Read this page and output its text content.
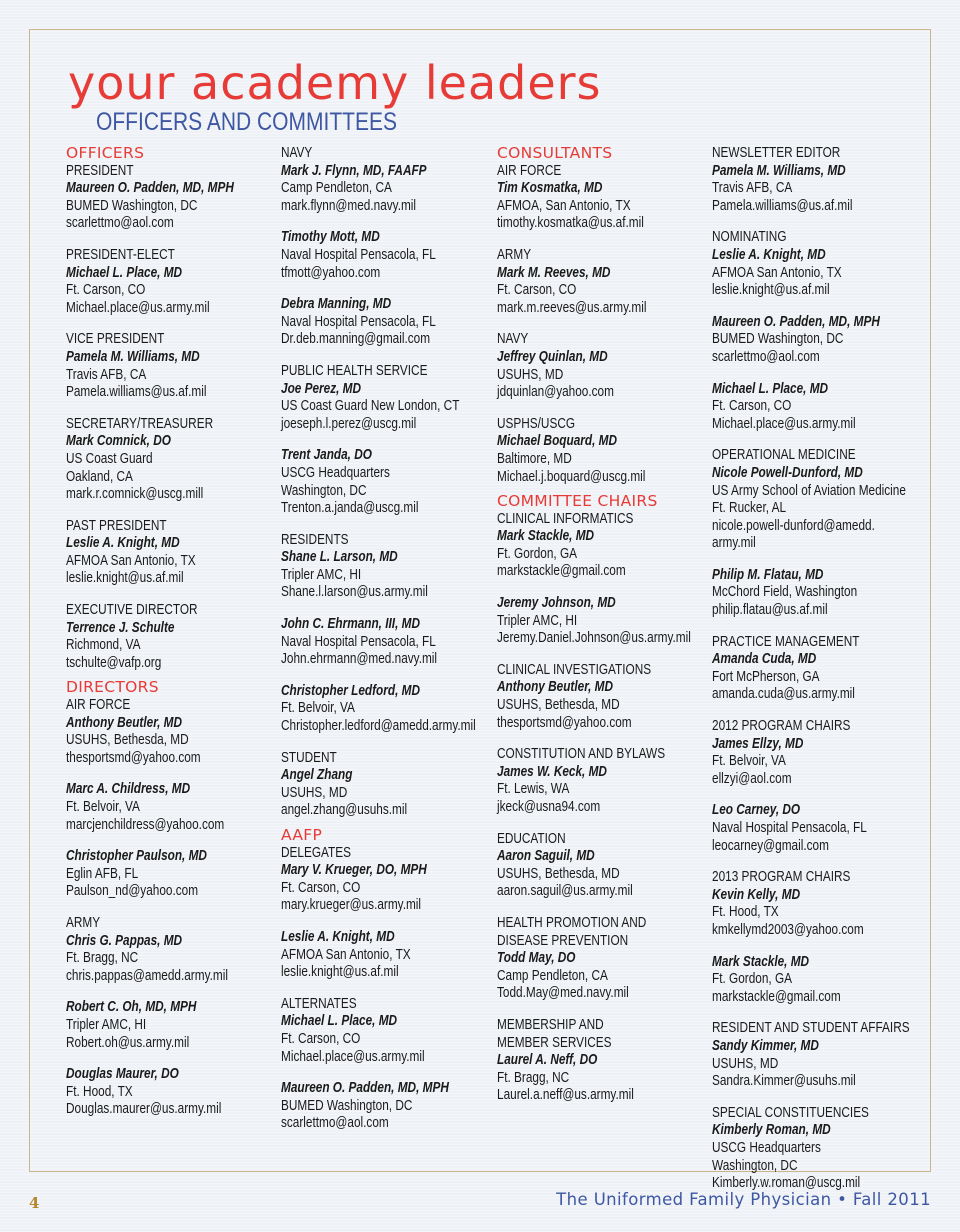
your academy leaders
OFFICERS AND COMMITTEES
OFFICERS
PRESIDENT
Maureen O. Padden, MD, MPH
BUMED Washington, DC
scarlettmo@aol.com
PRESIDENT-ELECT
Michael L. Place, MD
Ft. Carson, CO
Michael.place@us.army.mil
VICE PRESIDENT
Pamela M. Williams, MD
Travis AFB, CA
Pamela.williams@us.af.mil
SECRETARY/TREASURER
Mark Comnick, DO
US Coast Guard
Oakland, CA
mark.r.comnick@uscg.mill
PAST PRESIDENT
Leslie A. Knight, MD
AFMOA San Antonio, TX
leslie.knight@us.af.mil
EXECUTIVE DIRECTOR
Terrence J. Schulte
Richmond, VA
tschulte@vafp.org
DIRECTORS
AIR FORCE
Anthony Beutler, MD
USUHS, Bethesda, MD
thesportsmd@yahoo.com
Marc A. Childress, MD
Ft. Belvoir, VA
marcjenchildress@yahoo.com
Christopher Paulson, MD
Eglin AFB, FL
Paulson_nd@yahoo.com
ARMY
Chris G. Pappas, MD
Ft. Bragg, NC
chris.pappas@amedd.army.mil
Robert C. Oh, MD, MPH
Tripler AMC, HI
Robert.oh@us.army.mil
Douglas Maurer, DO
Ft. Hood, TX
Douglas.maurer@us.army.mil
NAVY
Mark J. Flynn, MD, FAAFP
Camp Pendleton, CA
mark.flynn@med.navy.mil
Timothy Mott, MD
Naval Hospital Pensacola, FL
tfmott@yahoo.com
Debra Manning, MD
Naval Hospital Pensacola, FL
Dr.deb.manning@gmail.com
PUBLIC HEALTH SERVICE
Joe Perez, MD
US Coast Guard New London, CT
joeseph.l.perez@uscg.mil
Trent Janda, DO
USCG Headquarters
Washington, DC
Trenton.a.janda@uscg.mil
RESIDENTS
Shane L. Larson, MD
Tripler AMC, HI
Shane.l.larson@us.army.mil
John C. Ehrmann, III, MD
Naval Hospital Pensacola, FL
John.ehrmann@med.navy.mil
Christopher Ledford, MD
Ft. Belvoir, VA
Christopher.ledford@amedd.army.mil
STUDENT
Angel Zhang
USUHS, MD
angel.zhang@usuhs.mil
AAFP
DELEGATES
Mary V. Krueger, DO, MPH
Ft. Carson, CO
mary.krueger@us.army.mil
Leslie A. Knight, MD
AFMOA San Antonio, TX
leslie.knight@us.af.mil
ALTERNATES
Michael L. Place, MD
Ft. Carson, CO
Michael.place@us.army.mil
Maureen O. Padden, MD, MPH
BUMED Washington, DC
scarlettmo@aol.com
CONSULTANTS
AIR FORCE
Tim Kosmatka, MD
AFMOA, San Antonio, TX
timothy.kosmatka@us.af.mil
ARMY
Mark M. Reeves, MD
Ft. Carson, CO
mark.m.reeves@us.army.mil
NAVY
Jeffrey Quinlan, MD
USUHS, MD
jdquinlan@yahoo.com
USPHS/USCG
Michael Boquard, MD
Baltimore, MD
Michael.j.boquard@uscg.mil
COMMITTEE CHAIRS
CLINICAL INFORMATICS
Mark Stackle, MD
Ft. Gordon, GA
markstackle@gmail.com
Jeremy Johnson, MD
Tripler AMC, HI
Jeremy.Daniel.Johnson@us.army.mil
CLINICAL INVESTIGATIONS
Anthony Beutler, MD
USUHS, Bethesda, MD
thesportsmd@yahoo.com
CONSTITUTION AND BYLAWS
James W. Keck, MD
Ft. Lewis, WA
jkeck@usna94.com
EDUCATION
Aaron Saguil, MD
USUHS, Bethesda, MD
aaron.saguil@us.army.mil
HEALTH PROMOTION AND
DISEASE PREVENTION
Todd May, DO
Camp Pendleton, CA
Todd.May@med.navy.mil
MEMBERSHIP AND
MEMBER SERVICES
Laurel A. Neff, DO
Ft. Bragg, NC
Laurel.a.neff@us.army.mil
NEWSLETTER EDITOR
Pamela M. Williams, MD
Travis AFB, CA
Pamela.williams@us.af.mil
NOMINATING
Leslie A. Knight, MD
AFMOA San Antonio, TX
leslie.knight@us.af.mil
Maureen O. Padden, MD, MPH
BUMED Washington, DC
scarlettmo@aol.com
Michael L. Place, MD
Ft. Carson, CO
Michael.place@us.army.mil
OPERATIONAL MEDICINE
Nicole Powell-Dunford, MD
US Army School of Aviation Medicine
Ft. Rucker, AL
nicole.powell-dunford@amedd.
army.mil
Philip M. Flatau, MD
McChord Field, Washington
philip.flatau@us.af.mil
PRACTICE MANAGEMENT
Amanda Cuda, MD
Fort McPherson, GA
amanda.cuda@us.army.mil
2012 PROGRAM CHAIRS
James Ellzy, MD
Ft. Belvoir, VA
ellzyi@aol.com
Leo Carney, DO
Naval Hospital Pensacola, FL
leocarney@gmail.com
2013 PROGRAM CHAIRS
Kevin Kelly, MD
Ft. Hood, TX
kmkellymd2003@yahoo.com
Mark Stackle, MD
Ft. Gordon, GA
markstackle@gmail.com
RESIDENT AND STUDENT AFFAIRS
Sandy Kimmer, MD
USUHS, MD
Sandra.Kimmer@usuhs.mil
SPECIAL CONSTITUENCIES
Kimberly Roman, MD
USCG Headquarters
Washington, DC
Kimberly.w.roman@uscg.mil
4	The Uniformed Family Physician • Fall 2011
